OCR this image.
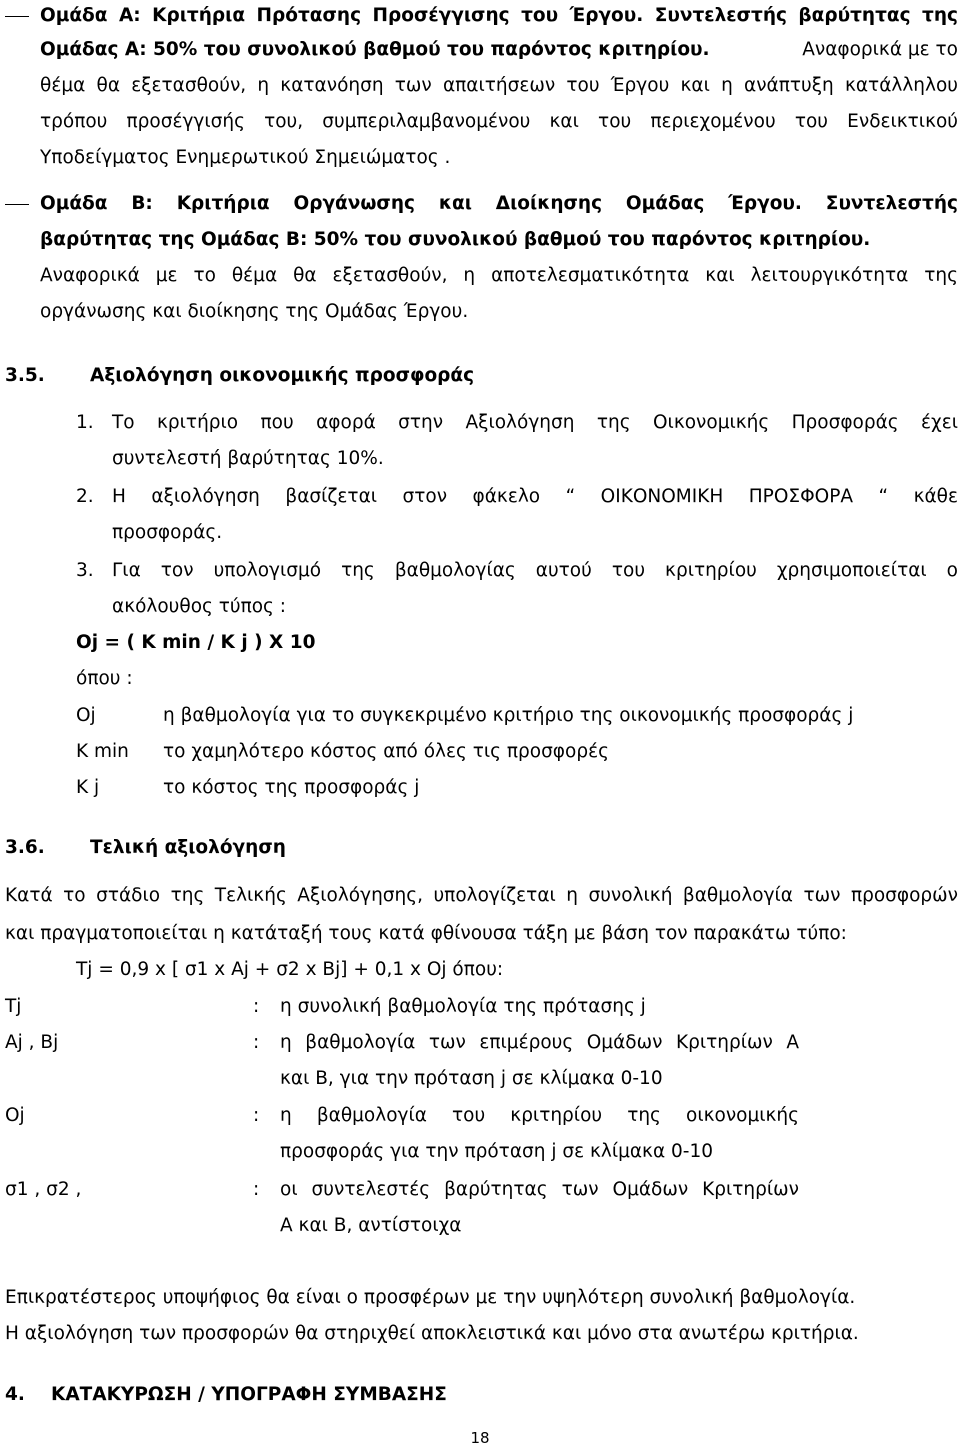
Ομάδα Α: Κριτήρια Πρότασης Προσέγγισης του Έργου. Συντελεστής βαρύτητας της
Ομάδας Α: 50% του συνολικού βαθμού του παρόντος κριτηρίου.	Αναφορικά με το
θέμα θα εξετασθούν, η κατανόηση των απαιτήσεων του Έργου και η ανάπτυξη κατάλληλου
τρόπου προσέγγισής του, συμπεριλαμβανομένου και του περιεχομένου του Ενδεικτικού
Υποδείγματος Ενημερωτικού Σημειώματος .
Ομάδα Β: Κριτήρια Οργάνωσης και Διοίκησης Ομάδας Έργου. Συντελεστής
βαρύτητας της Ομάδας Β: 50% του συνολικού βαθμού του παρόντος κριτηρίου.
Αναφορικά με το θέμα θα εξετασθούν, η αποτελεσματικότητα και λειτουργικότητα της
οργάνωσης και διοίκησης της Ομάδας Έργου.
3.5. Αξιολόγηση οικονομικής προσφοράς
1. Το κριτήριο που αφορά στην Αξιολόγηση της Οικονομικής Προσφοράς έχει
συντελεστή βαρύτητας 10%.
2. Η αξιολόγηση βασίζεται στον φάκελο “ ΟΙΚΟΝΟΜΙΚΗ ΠΡΟΣΦΟΡΑ “ κάθε
προσφοράς.
3. Για τον υπολογισμό της βαθμολογίας αυτού του κριτηρίου χρησιμοποιείται ο
ακόλουθος τύπος :
Oj = ( K min / K j ) X 10
όπου :
Oj	η βαθμολογία για το συγκεκριμένο κριτήριο της οικονομικής προσφοράς j
K min το χαμηλότερο κόστος από όλες τις προσφορές
K j	το κόστος της προσφοράς j
3.6. Τελική αξιολόγηση
Κατά το στάδιο της Τελικής Αξιολόγησης, υπολογίζεται η συνολική βαθμολογία των προσφορών
και πραγματοποιείται η κατάταξή τους κατά φθίνουσα τάξη με βάση τον παρακάτω τύπο:
Tj = 0,9 x [ σ1 x Aj + σ2 x Bj] + 0,1 x Oj όπου:
Tj	: η συνολική βαθμολογία της πρότασης j
Aj , Bj	: η βαθμολογία των επιμέρους Ομάδων Κριτηρίων Α
και Β, για την πρόταση j σε κλίμακα 0-10
Oj	: η βαθμολογία του κριτηρίου της οικονομικής
προσφοράς για την πρόταση j σε κλίμακα 0-10
σ1 , σ2 ,	: οι συντελεστές βαρύτητας των Ομάδων Κριτηρίων
Α και Β, αντίστοιχα
Επικρατέστερος υποψήφιος θα είναι ο προσφέρων με την υψηλότερη συνολική βαθμολογία.
Η αξιολόγηση των προσφορών θα στηριχθεί αποκλειστικά και μόνο στα ανωτέρω κριτήρια.
4. ΚΑΤΑΚΥΡΩΣΗ / ΥΠΟΓΡΑΦΗ ΣΥΜΒΑΣΗΣ
18
